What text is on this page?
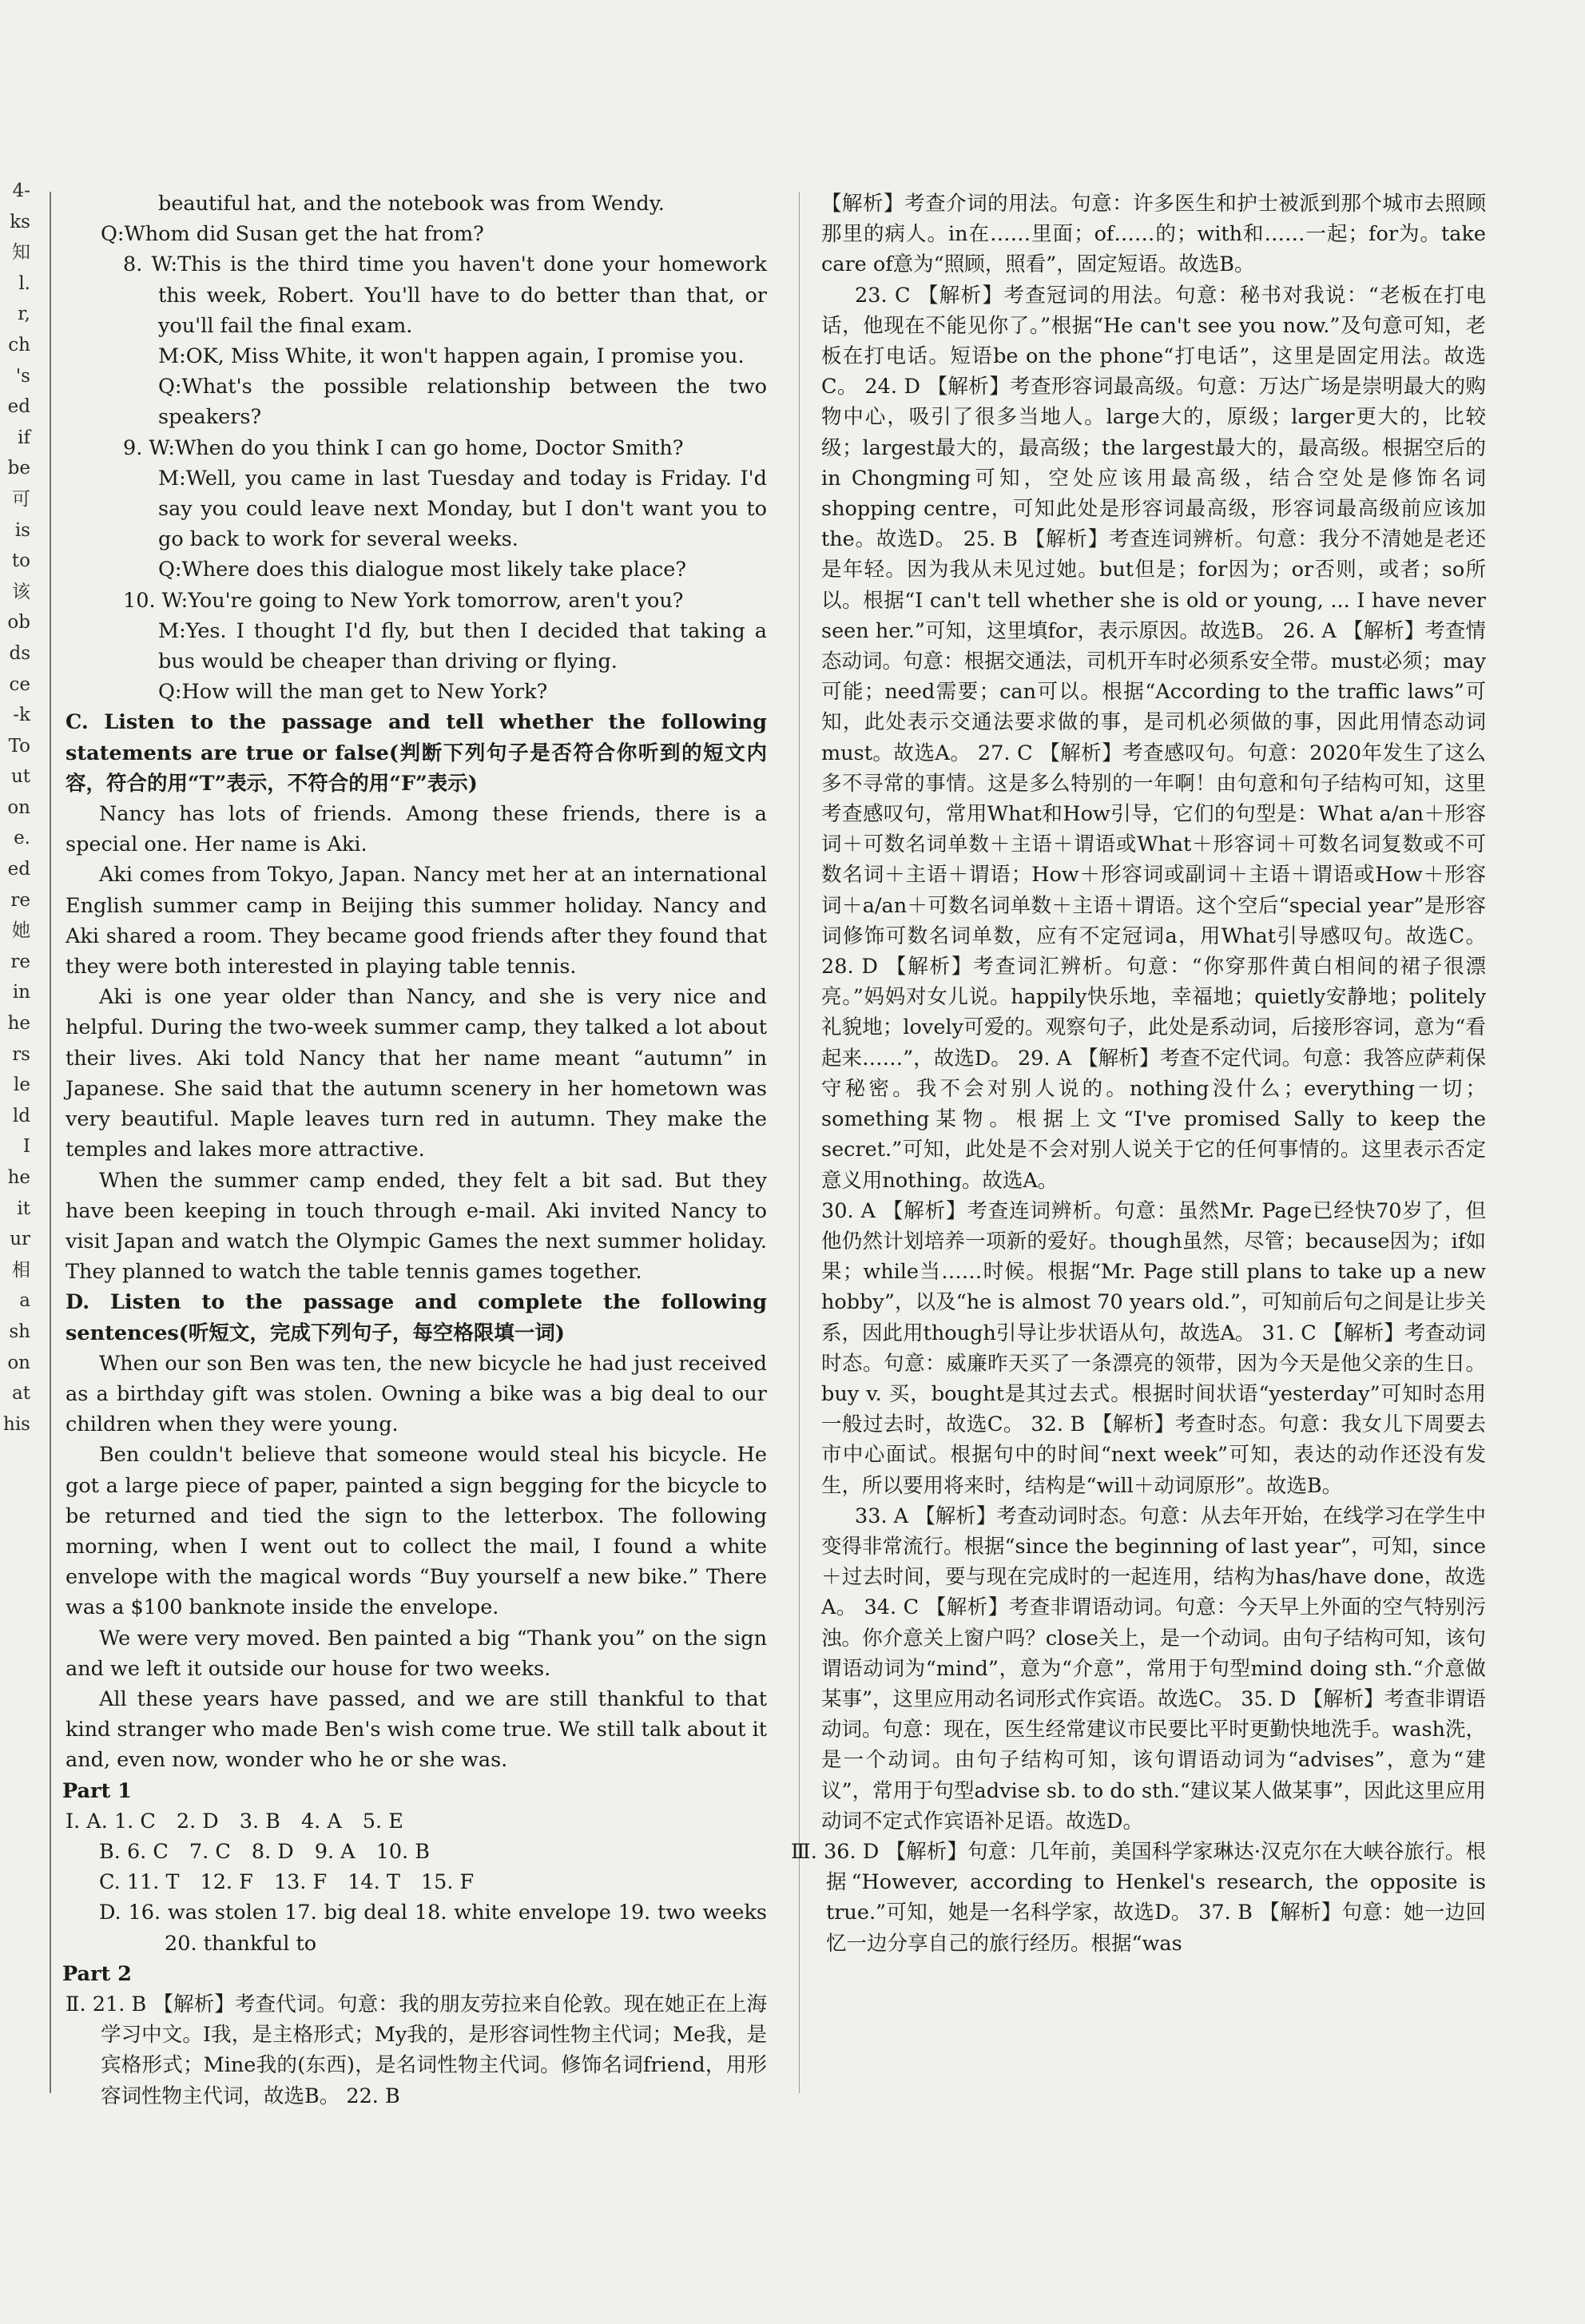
4-
ks
知
l.
r,
ch
's
ed
if
be
可
is
to
该
ob
ds
ce
-k
To
ut
on
e.
ed
re
她
re
in
he
rs
le
ld
I
he
it
ur
相
a
sh
on
at
his

beautiful hat, and the notebook was from Wendy.

Q:Whom did Susan get the hat from?

8. W:This is the third time you haven't done your homework this week, Robert. You'll have to do better than that, or you'll fail the final exam.

M:OK, Miss White, it won't happen again, I promise you.

Q:What's the possible relationship between the two speakers?

9. W:When do you think I can go home, Doctor Smith?

M:Well, you came in last Tuesday and today is Friday. I'd say you could leave next Monday, but I don't want you to go back to work for several weeks.

Q:Where does this dialogue most likely take place?

10. W:You're going to New York tomorrow, aren't you?

M:Yes. I thought I'd fly, but then I decided that taking a bus would be cheaper than driving or flying.

Q:How will the man get to New York?

C. Listen to the passage and tell whether the following statements are true or false(判断下列句子是否符合你听到的短文内容，符合的用“T”表示，不符合的用“F”表示)

Nancy has lots of friends. Among these friends, there is a special one. Her name is Aki.

Aki comes from Tokyo, Japan. Nancy met her at an international English summer camp in Beijing this summer holiday. Nancy and Aki shared a room. They became good friends after they found that they were both interested in playing table tennis.

Aki is one year older than Nancy, and she is very nice and helpful. During the two-week summer camp, they talked a lot about their lives. Aki told Nancy that her name meant “autumn” in Japanese. She said that the autumn scenery in her hometown was very beautiful. Maple leaves turn red in autumn. They make the temples and lakes more attractive.

When the summer camp ended, they felt a bit sad. But they have been keeping in touch through e-mail. Aki invited Nancy to visit Japan and watch the Olympic Games the next summer holiday. They planned to watch the table tennis games together.

D. Listen to the passage and complete the following sentences(听短文，完成下列句子，每空格限填一词)

When our son Ben was ten, the new bicycle he had just received as a birthday gift was stolen. Owning a bike was a big deal to our children when they were young.

Ben couldn't believe that someone would steal his bicycle. He got a large piece of paper, painted a sign begging for the bicycle to be returned and tied the sign to the letterbox. The following morning, when I went out to collect the mail, I found a white envelope with the magical words “Buy yourself a new bike.” There was a $100 banknote inside the envelope.

We were very moved. Ben painted a big “Thank you” on the sign and we left it outside our house for two weeks.

All these years have passed, and we are still thankful to that kind stranger who made Ben's wish come true. We still talk about it and, even now, wonder who he or she was.

Part 1

Ⅰ. A. 1. C 2. D 3. B 4. A 5. E

B. 6. C 7. C 8. D 9. A 10. B

C. 11. T 12. F 13. F 14. T 15. F

D. 16. was stolen 17. big deal 18. white envelope 19. two weeks 20. thankful to

Part 2

Ⅱ. 21. B 【解析】考查代词。句意：我的朋友劳拉来自伦敦。现在她正在上海学习中文。I我，是主格形式；My我的，是形容词性物主代词；Me我，是宾格形式；Mine我的(东西)，是名词性物主代词。修饰名词friend，用形容词性物主代词，故选B。 22. B

【解析】考查介词的用法。句意：许多医生和护士被派到那个城市去照顾那里的病人。in在……里面；of……的；with和……一起；for为。take care of意为“照顾，照看”，固定短语。故选B。

23. C 【解析】考查冠词的用法。句意：秘书对我说：“老板在打电话，他现在不能见你了。”根据“He can't see you now.”及句意可知，老板在打电话。短语be on the phone“打电话”，这里是固定用法。故选C。 24. D 【解析】考查形容词最高级。句意：万达广场是崇明最大的购物中心，吸引了很多当地人。large大的，原级；larger更大的，比较级；largest最大的，最高级；the largest最大的，最高级。根据空后的in Chongming可知，空处应该用最高级，结合空处是修饰名词shopping centre，可知此处是形容词最高级，形容词最高级前应该加the。故选D。 25. B 【解析】考查连词辨析。句意：我分不清她是老还是年轻。因为我从未见过她。but但是；for因为；or否则，或者；so所以。根据“I can't tell whether she is old or young, ... I have never seen her.”可知，这里填for，表示原因。故选B。 26. A 【解析】考查情态动词。句意：根据交通法，司机开车时必须系安全带。must必须；may可能；need需要；can可以。根据“According to the traffic laws”可知，此处表示交通法要求做的事，是司机必须做的事，因此用情态动词must。故选A。 27. C 【解析】考查感叹句。句意：2020年发生了这么多不寻常的事情。这是多么特别的一年啊！由句意和句子结构可知，这里考查感叹句，常用What和How引导，它们的句型是：What a/an＋形容词＋可数名词单数＋主语＋谓语或What＋形容词＋可数名词复数或不可数名词＋主语＋谓语；How＋形容词或副词＋主语＋谓语或How＋形容词＋a/an＋可数名词单数＋主语＋谓语。这个空后“special year”是形容词修饰可数名词单数，应有不定冠词a，用What引导感叹句。故选C。 28. D 【解析】考查词汇辨析。句意：“你穿那件黄白相间的裙子很漂亮。”妈妈对女儿说。happily快乐地，幸福地；quietly安静地；politely礼貌地；lovely可爱的。观察句子，此处是系动词，后接形容词，意为“看起来……”，故选D。 29. A 【解析】考查不定代词。句意：我答应萨莉保守秘密。我不会对别人说的。nothing没什么；everything一切；something某物。根据上文“I've promised Sally to keep the secret.”可知，此处是不会对别人说关于它的任何事情的。这里表示否定意义用nothing。故选A。

30. A 【解析】考查连词辨析。句意：虽然Mr. Page已经快70岁了，但他仍然计划培养一项新的爱好。though虽然，尽管；because因为；if如果；while当……时候。根据“Mr. Page still plans to take up a new hobby”，以及“he is almost 70 years old.”，可知前后句之间是让步关系，因此用though引导让步状语从句，故选A。 31. C 【解析】考查动词时态。句意：威廉昨天买了一条漂亮的领带，因为今天是他父亲的生日。buy v. 买，bought是其过去式。根据时间状语“yesterday”可知时态用一般过去时，故选C。 32. B 【解析】考查时态。句意：我女儿下周要去市中心面试。根据句中的时间“next week”可知，表达的动作还没有发生，所以要用将来时，结构是“will＋动词原形”。故选B。

33. A 【解析】考查动词时态。句意：从去年开始，在线学习在学生中变得非常流行。根据“since the beginning of last year”，可知，since＋过去时间，要与现在完成时的一起连用，结构为has/have done，故选A。 34. C 【解析】考查非谓语动词。句意：今天早上外面的空气特别污浊。你介意关上窗户吗？close关上，是一个动词。由句子结构可知，该句谓语动词为“mind”，意为“介意”，常用于句型mind doing sth.“介意做某事”，这里应用动名词形式作宾语。故选C。 35. D 【解析】考查非谓语动词。句意：现在，医生经常建议市民要比平时更勤快地洗手。wash洗，是一个动词。由句子结构可知，该句谓语动词为“advises”，意为“建议”，常用于句型advise sb. to do sth.“建议某人做某事”，因此这里应用动词不定式作宾语补足语。故选D。

Ⅲ. 36. D 【解析】句意：几年前，美国科学家琳达·汉克尔在大峡谷旅行。根据“However, according to Henkel's research, the opposite is true.”可知，她是一名科学家，故选D。 37. B 【解析】句意：她一边回忆一边分享自己的旅行经历。根据“was
